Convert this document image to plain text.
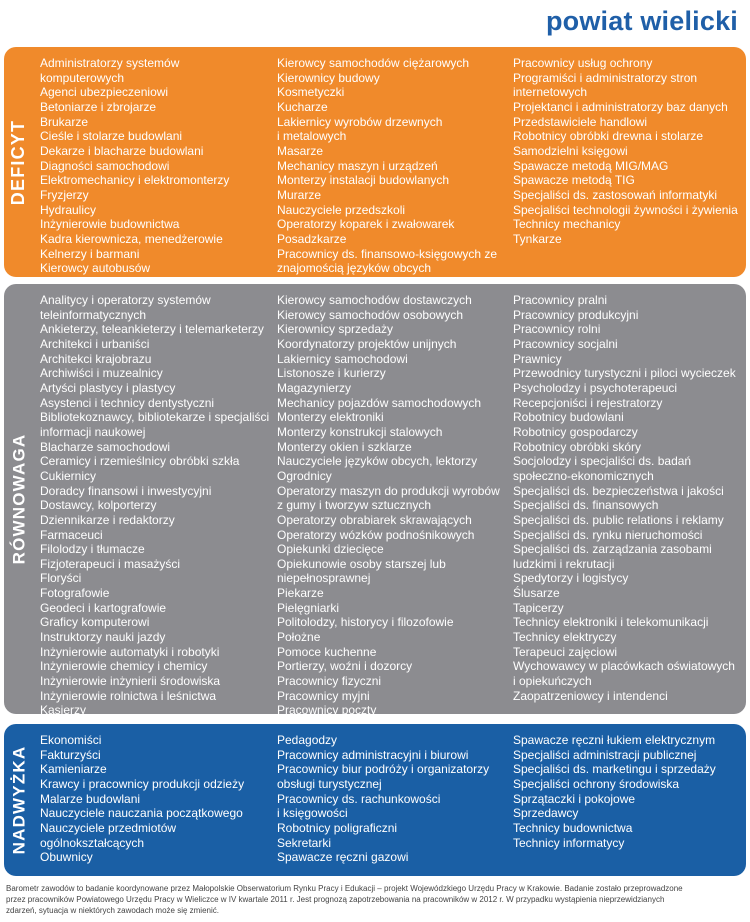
powiat wielicki
DEFICYT
Administratorzy systemów
komputerowych
Agenci ubezpieczeniowi
Betoniarze i zbrojarze
Brukarze
Cieśle i stolarze budowlani
Dekarze i blacharze budowlani
Diagności samochodowi
Elektromechanicy i elektromonterzy
Fryzjerzy
Hydraulicy
Inżynierowie budownictwa
Kadra kierownicza, menedżerowie
Kelnerzy i barmani
Kierowcy autobusów
Kierowcy samochodów ciężarowych
Kierownicy budowy
Kosmetyczki
Kucharze
Lakiernicy wyrobów drzewnych
i metalowych
Masarze
Mechanicy maszyn i urządzeń
Monterzy instalacji budowlanych
Murarze
Nauczyciele przedszkoli
Operatorzy koparek i zwałowarek
Posadzkarze
Pracownicy ds. finansowo-księgowych ze
znajomością języków obcych
Pracownicy usług ochrony
Programiści i administratorzy stron
internetowych
Projektanci i administratorzy baz danych
Przedstawiciele handlowi
Robotnicy obróbki drewna i stolarze
Samodzielni księgowi
Spawacze metodą MIG/MAG
Spawacze metodą TIG
Specjaliści ds. zastosowań informatyki
Specjaliści technologii żywności i żywienia
Technicy mechanicy
Tynkarze
RÓWNOWAGA
Analitycy i operatorzy systemów
teleinformatycznych
Ankieterzy, teleankieterzy i telemarketerzy
Architekci i urbaniści
Architekci krajobrazu
Archiwiści i muzealnicy
Artyści plastycy i plastycy
Asystenci i technicy dentystyczni
Bibliotekoznawcy, bibliotekarze i specjaliści
informacji naukowej
Blacharze samochodowi
Ceramicy i rzemieślnicy obróbki szkła
Cukiernicy
Doradcy finansowi i inwestycyjni
Dostawcy, kolporterzy
Dziennikarze i redaktorzy
Farmaceuci
Filolodzy i tłumacze
Fizjoterapeuci i masażyści
Floryści
Fotografowie
Geodeci i kartografowie
Graficy komputerowi
Instruktorzy nauki jazdy
Inżynierowie automatyki i robotyki
Inżynierowie chemicy i chemicy
Inżynierowie inżynierii środowiska
Inżynierowie rolnictwa i leśnictwa
Kasjerzy
Kierowcy samochodów dostawczych
Kierowcy samochodów osobowych
Kierownicy sprzedaży
Koordynatorzy projektów unijnych
Lakiernicy samochodowi
Listonosze i kurierzy
Magazynierzy
Mechanicy pojazdów samochodowych
Monterzy elektroniki
Monterzy konstrukcji stalowych
Monterzy okien i szklarze
Nauczyciele języków obcych, lektorzy
Ogrodnicy
Operatorzy maszyn do produkcji wyrobów
z gumy i tworzyw sztucznych
Operatorzy obrabiarek skrawających
Operatorzy wózków podnośnikowych
Opiekunki dziecięce
Opiekunowie osoby starszej lub
niepełnosprawnej
Piekarze
Pielęgniarki
Politolodzy, historycy i filozofowie
Położne
Pomoce kuchenne
Portierzy, woźni i dozorcy
Pracownicy fizyczni
Pracownicy myjni
Pracownicy poczty
Pracownicy pralni
Pracownicy produkcyjni
Pracownicy rolni
Pracownicy socjalni
Prawnicy
Przewodnicy turystyczni i piloci wycieczek
Psycholodzy i psychoterapeuci
Recepcjoniści i rejestratorzy
Robotnicy budowlani
Robotnicy gospodarczy
Robotnicy obróbki skóry
Socjolodzy i specjaliści ds. badań
społeczno-ekonomicznych
Specjaliści ds. bezpieczeństwa i jakości
Specjaliści ds. finansowych
Specjaliści ds. public relations i reklamy
Specjaliści ds. rynku nieruchomości
Specjaliści ds. zarządzania zasobami
ludzkimi i rekrutacji
Spedytorzy i logistycy
Ślusarze
Tapicerzy
Technicy elektroniki i telekomunikacji
Technicy elektryczy
Terapeuci zajęciowi
Wychowawcy w placówkach oświatowych
i opiekuńczych
Zaopatrzeniowcy i intendenci
NADWYŻKA
Ekonomiści
Fakturzyści
Kamieniarze
Krawcy i pracownicy produkcji odzieży
Malarze budowlani
Nauczyciele nauczania początkowego
Nauczyciele przedmiotów
ogólnokształcących
Obuwnicy
Pedagodzy
Pracownicy administracyjni i biurowi
Pracownicy biur podróży i organizatorzy
obsługi turystycznej
Pracownicy ds. rachunkowości
i księgowości
Robotnicy poligraficzni
Sekretarki
Spawacze ręczni gazowi
Spawacze ręczni łukiem elektrycznym
Specjaliści administracji publicznej
Specjaliści ds. marketingu i sprzedaży
Specjaliści ochrony środowiska
Sprzątaczki i pokojowe
Sprzedawcy
Technicy budownictwa
Technicy informatycy
Barometr zawodów to badanie koordynowane przez Małopolskie Obserwatorium Rynku Pracy i Edukacji – projekt Wojewódzkiego Urzędu Pracy w Krakowie. Badanie zostało przeprowadzone
przez pracowników Powiatowego Urzędu Pracy w Wieliczce w IV kwartale 2011 r. Jest prognozą zapotrzebowania na pracowników w 2012 r. W przypadku wystąpienia nieprzewidzianych
zdarzeń, sytuacja w niektórych zawodach może się zmienić.
